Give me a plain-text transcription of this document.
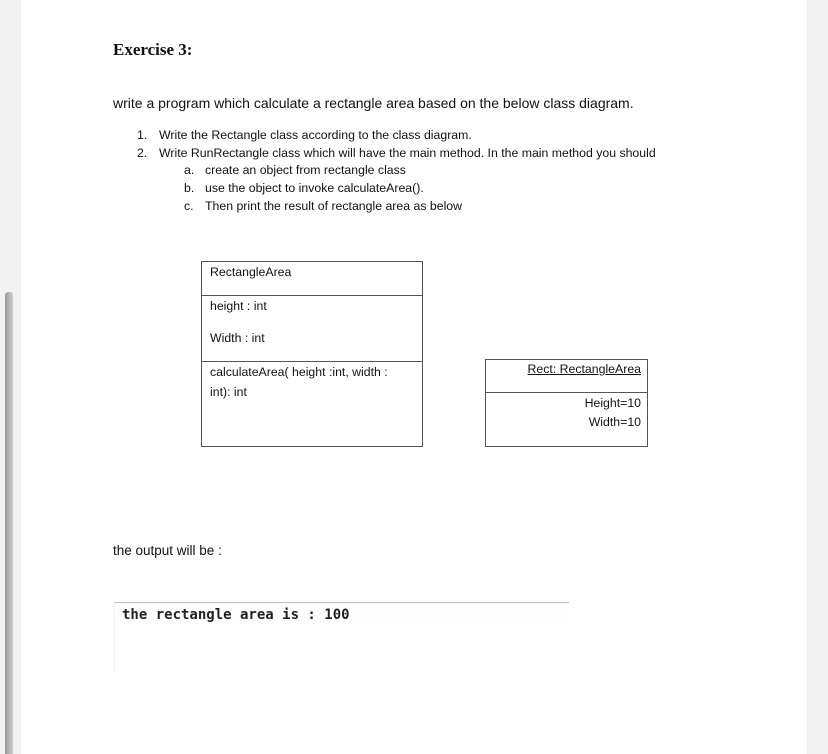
Exercise 3:
write a program which calculate a rectangle area based on the below class diagram.
1. Write the Rectangle class according to the class diagram.
2. Write RunRectangle class which will have the main method. In the main method you should
a. create an object from rectangle class
b. use the object to invoke calculateArea().
c. Then print the result of rectangle area as below
RectangleArea
height : int
Width : int
calculateArea( height :int, width :
int): int
Rect: RectangleArea
Height=10
Width=10
the output will be :
the rectangle area is : 100
